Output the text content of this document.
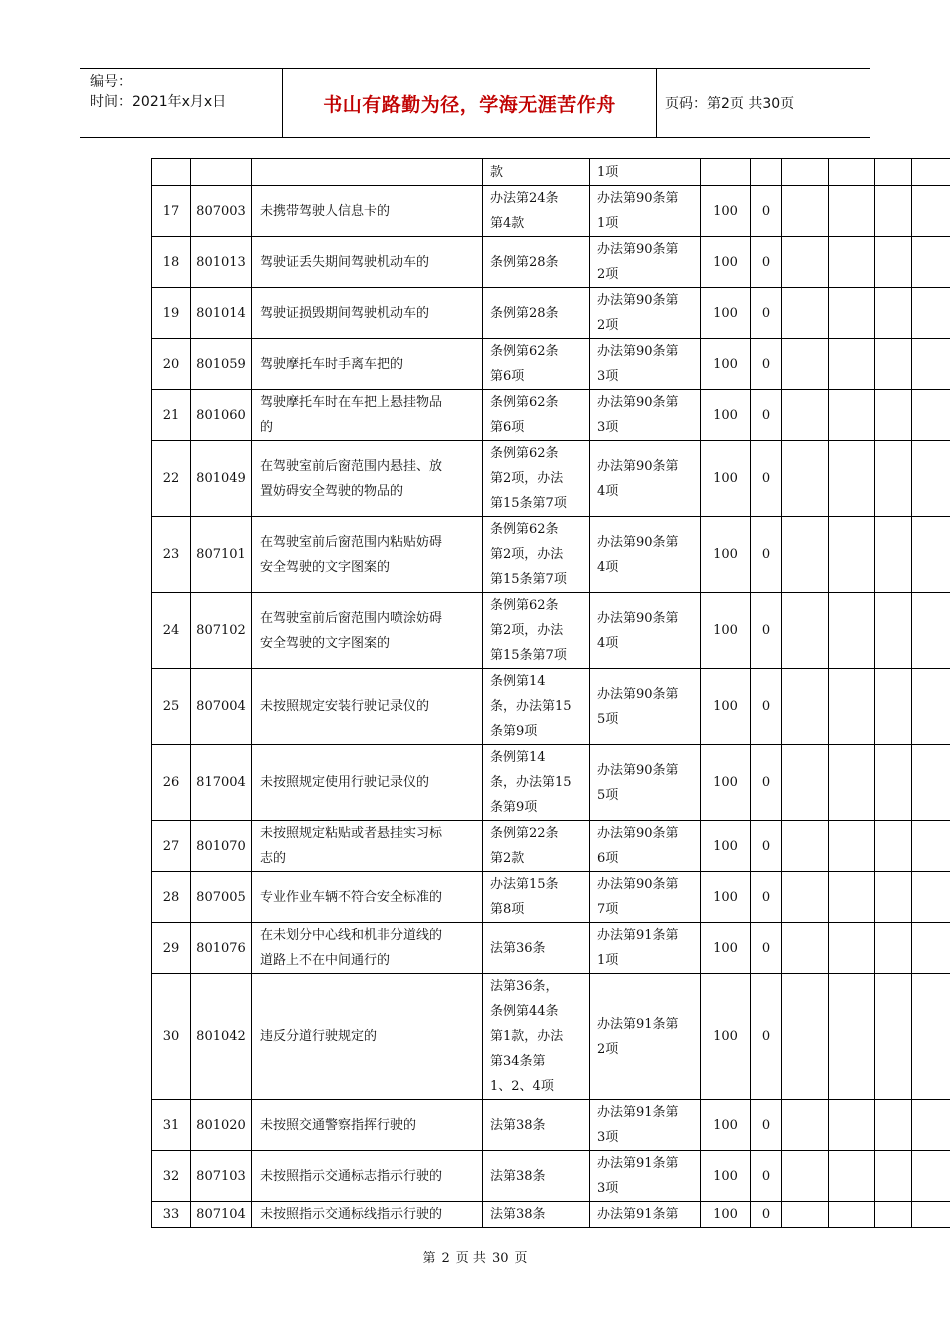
编号：
时间：2021年x月x日	书山有路勤为径，学海无涯苦作舟	页码：第2页 共30页

			款	1项						

17	807003	未携带驾驶人信息卡的	办法第24条
第4款	办法第90条第
1项	100	0				
18	801013	驾驶证丢失期间驾驶机动车的	条例第28条	办法第90条第
2项	100	0				
19	801014	驾驶证损毁期间驾驶机动车的	条例第28条	办法第90条第
2项	100	0				
20	801059	驾驶摩托车时手离车把的	条例第62条
第6项	办法第90条第
3项	100	0				
21	801060	驾驶摩托车时在车把上悬挂物品
的	条例第62条
第6项	办法第90条第
3项	100	0				
22	801049	在驾驶室前后窗范围内悬挂、放
置妨碍安全驾驶的物品的	条例第62条
第2项，办法
第15条第7项	办法第90条第
4项	100	0				
23	807101	在驾驶室前后窗范围内粘贴妨碍
安全驾驶的文字图案的	条例第62条
第2项，办法
第15条第7项	办法第90条第
4项	100	0				
24	807102	在驾驶室前后窗范围内喷涂妨碍
安全驾驶的文字图案的	条例第62条
第2项，办法
第15条第7项	办法第90条第
4项	100	0				
25	807004	未按照规定安装行驶记录仪的	条例第14
条，办法第15
条第9项	办法第90条第
5项	100	0				
26	817004	未按照规定使用行驶记录仪的	条例第14
条，办法第15
条第9项	办法第90条第
5项	100	0				
27	801070	未按照规定粘贴或者悬挂实习标
志的	条例第22条
第2款	办法第90条第
6项	100	0				
28	807005	专业作业车辆不符合安全标准的	办法第15条
第8项	办法第90条第
7项	100	0				
29	801076	在未划分中心线和机非分道线的
道路上不在中间通行的	法第36条	办法第91条第
1项	100	0				
30	801042	违反分道行驶规定的	法第36条，
条例第44条
第1款，办法
第34条第
1、2、4项	办法第91条第
2项	100	0				
31	801020	未按照交通警察指挥行驶的	法第38条	办法第91条第
3项	100	0				
32	807103	未按照指示交通标志指示行驶的	法第38条	办法第91条第
3项	100	0				
33	807104	未按照指示交通标线指示行驶的	法第38条	办法第91条第	100	0				
第 2 页 共 30 页
